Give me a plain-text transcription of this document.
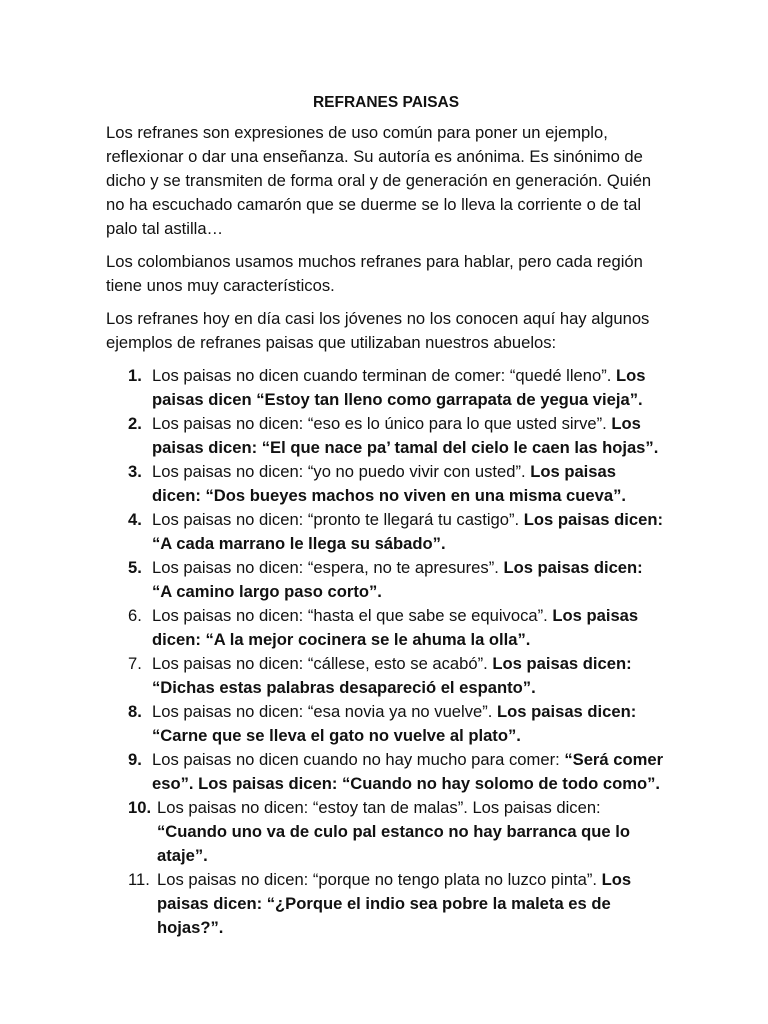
REFRANES PAISAS

Los refranes son expresiones de uso común para poner un ejemplo, reflexionar o dar una enseñanza. Su autoría es anónima. Es sinónimo de dicho y se transmiten de forma oral y de generación en generación. Quién no ha escuchado camarón que se duerme se lo lleva la corriente o de tal palo tal astilla…

Los colombianos usamos muchos refranes para hablar, pero cada región tiene unos muy característicos.

Los refranes hoy en día casi los jóvenes no los conocen aquí hay algunos ejemplos de refranes paisas que utilizaban nuestros abuelos:

1. Los paisas no dicen cuando terminan de comer: “quedé lleno”. Los paisas dicen “Estoy tan lleno como garrapata de yegua vieja”.
2. Los paisas no dicen: “eso es lo único para lo que usted sirve”. Los paisas dicen: “El que nace pa’ tamal del cielo le caen las hojas”.
3. Los paisas no dicen: “yo no puedo vivir con usted”. Los paisas dicen: “Dos bueyes machos no viven en una misma cueva”.
4. Los paisas no dicen: “pronto te llegará tu castigo”. Los paisas dicen: “A cada marrano le llega su sábado”.
5. Los paisas no dicen: “espera, no te apresures”. Los paisas dicen: “A camino largo paso corto”.
6. Los paisas no dicen: “hasta el que sabe se equivoca”. Los paisas dicen: “A la mejor cocinera se le ahuma la olla”.
7. Los paisas no dicen: “cállese, esto se acabó”. Los paisas dicen: “Dichas estas palabras desapareció el espanto”.
8. Los paisas no dicen: “esa novia ya no vuelve”. Los paisas dicen: “Carne que se lleva el gato no vuelve al plato”.
9. Los paisas no dicen cuando no hay mucho para comer: “Será comer eso”. Los paisas dicen: “Cuando no hay solomo de todo como”.
10. Los paisas no dicen: “estoy tan de malas”. Los paisas dicen: “Cuando uno va de culo pal estanco no hay barranca que lo ataje”.
11. Los paisas no dicen: “porque no tengo plata no luzco pinta”. Los paisas dicen: “¿Porque el indio sea pobre la maleta es de hojas?”.
